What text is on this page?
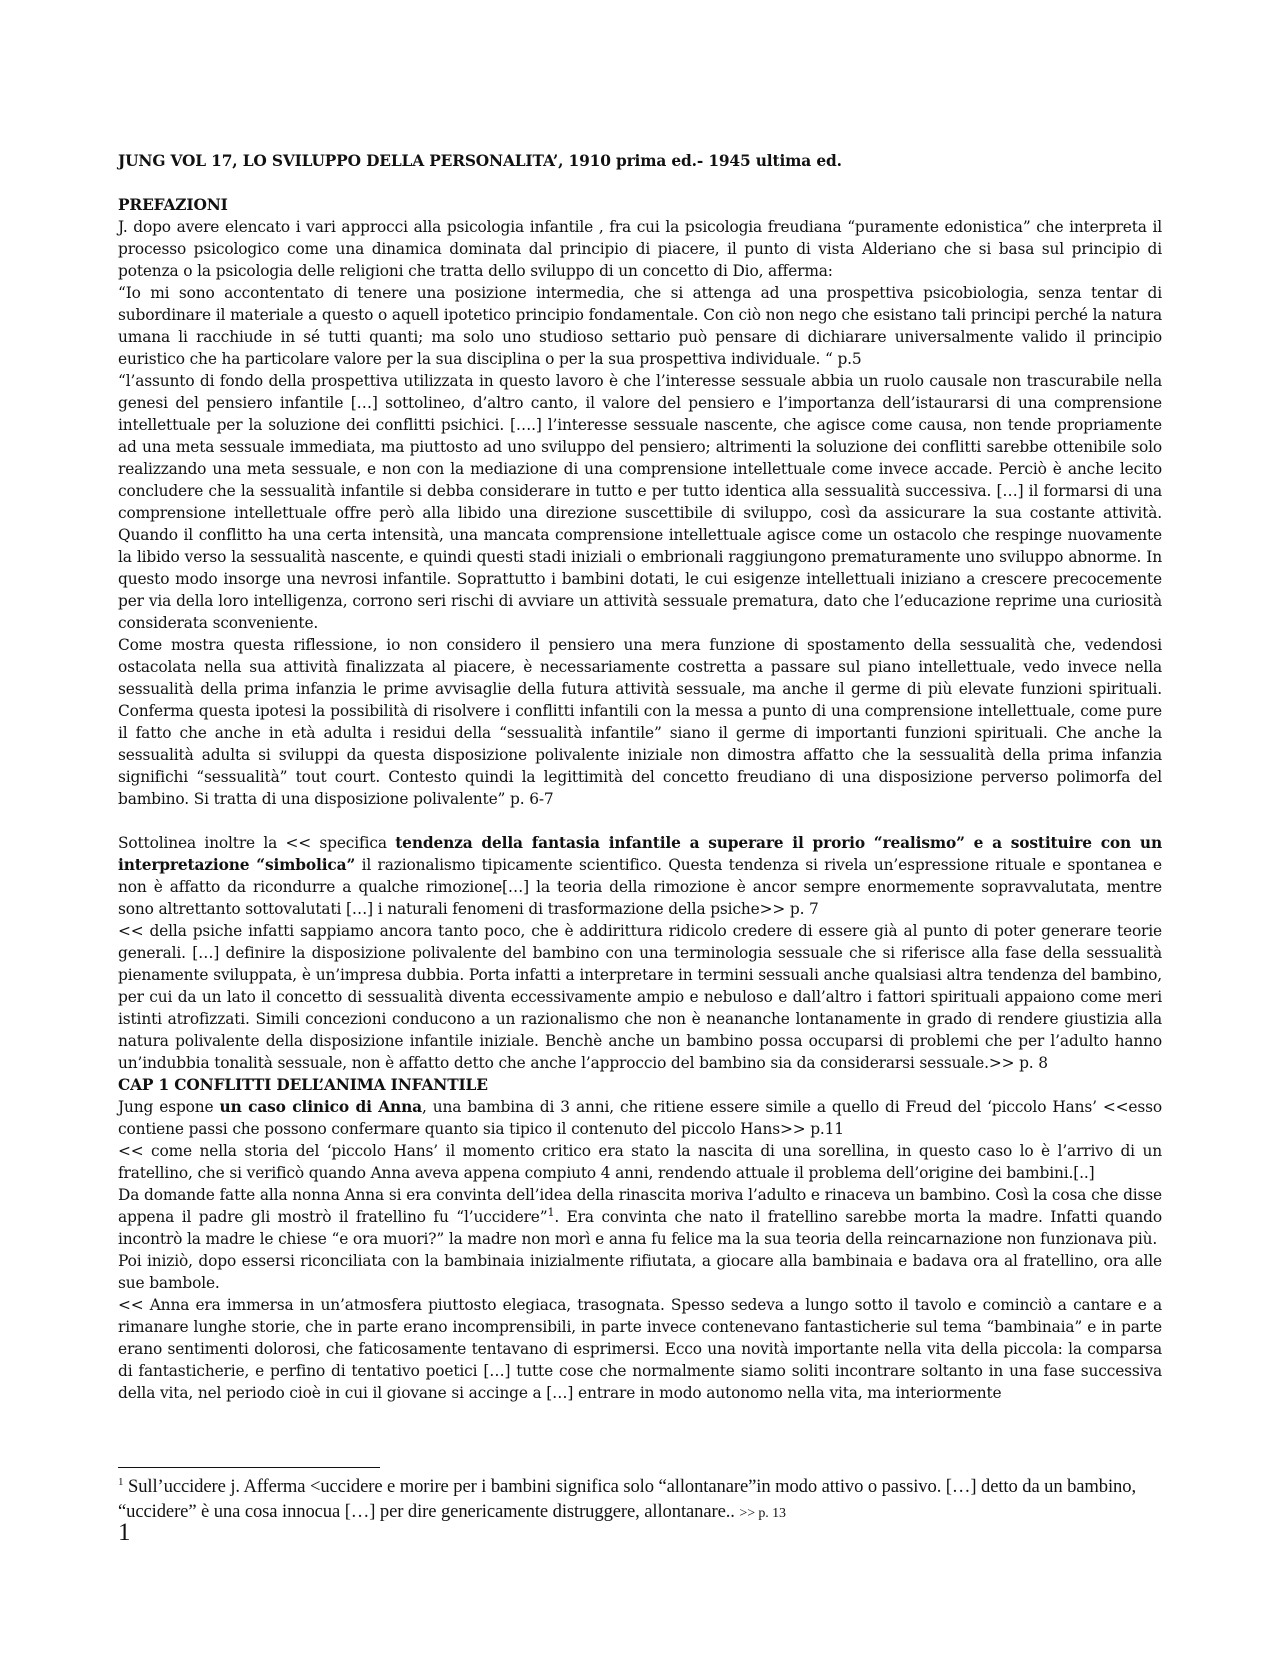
JUNG VOL 17, LO SVILUPPO DELLA PERSONALITA’, 1910 prima ed.- 1945 ultima ed.

PREFAZIONI

J. dopo avere elencato i vari approcci alla psicologia infantile , fra cui la psicologia freudiana “puramente edonistica” che interpreta il processo psicologico come una dinamica dominata dal principio di piacere, il punto di vista Alderiano che si basa sul principio di potenza o la psicologia delle religioni che tratta dello sviluppo di un concetto di Dio, afferma:

“Io mi sono accontentato di tenere una posizione intermedia, che si attenga ad una prospettiva psicobiologia, senza tentar di subordinare il materiale a questo o aquell ipotetico principio fondamentale. Con ciò non nego che esistano tali principi perché la natura umana li racchiude in sé tutti quanti; ma solo uno studioso settario può pensare di dichiarare universalmente valido il principio euristico che ha particolare valore per la sua disciplina o per la sua prospettiva individuale. “ p.5

“l’assunto di fondo della prospettiva utilizzata in questo lavoro è che l’interesse sessuale abbia un ruolo causale non trascurabile nella genesi del pensiero infantile […] sottolineo, d’altro canto, il valore del pensiero e l’importanza dell’istaurarsi di una comprensione intellettuale per la soluzione dei conflitti psichici. [….] l’interesse sessuale nascente, che agisce come causa, non tende propriamente ad una meta sessuale immediata, ma piuttosto ad uno sviluppo del pensiero; altrimenti la soluzione dei conflitti sarebbe ottenibile solo realizzando una meta sessuale, e non con la mediazione di una comprensione intellettuale come invece accade. Perciò è anche lecito concludere che la sessualità infantile si debba considerare in tutto e per tutto identica alla sessualità successiva. […] il formarsi di una comprensione intellettuale offre però alla libido una direzione suscettibile di sviluppo, così da assicurare la sua costante attività. Quando il conflitto ha una certa intensità, una mancata comprensione intellettuale agisce come un ostacolo che respinge nuovamente la libido verso la sessualità nascente, e quindi questi stadi iniziali o embrionali raggiungono prematuramente uno sviluppo abnorme. In questo modo insorge una nevrosi infantile. Soprattutto i bambini dotati, le cui esigenze intellettuali iniziano a crescere precocemente per via della loro intelligenza, corrono seri rischi di avviare un attività sessuale prematura, dato che l’educazione reprime una curiosità considerata sconveniente.

Come mostra questa riflessione, io non considero il pensiero una mera funzione di spostamento della sessualità che, vedendosi ostacolata nella sua attività finalizzata al piacere, è necessariamente costretta a passare sul piano intellettuale, vedo invece nella sessualità della prima infanzia le prime avvisaglie della futura attività sessuale, ma anche il germe di più elevate funzioni spirituali. Conferma questa ipotesi la possibilità di risolvere i conflitti infantili con la messa a punto di una comprensione intellettuale, come pure il fatto che anche in età adulta i residui della “sessualità infantile” siano il germe di importanti funzioni spirituali. Che anche la sessualità adulta si sviluppi da questa disposizione polivalente iniziale non dimostra affatto che la sessualità della prima infanzia significhi “sessualità” tout court. Contesto quindi la legittimità del concetto freudiano di una disposizione perverso polimorfa del bambino. Si tratta di una disposizione polivalente” p. 6-7

Sottolinea inoltre la << specifica tendenza della fantasia infantile a superare il prorio “realismo” e a sostituire con un interpretazione “simbolica” il razionalismo tipicamente scientifico. Questa tendenza si rivela un’espressione rituale e spontanea e non è affatto da ricondurre a qualche rimozione[…] la teoria della rimozione è ancor sempre enormemente sopravvalutata, mentre sono altrettanto sottovalutati […] i naturali fenomeni di trasformazione della psiche>> p. 7

<< della psiche infatti sappiamo ancora tanto poco, che è addirittura ridicolo credere di essere già al punto di poter generare teorie generali. […] definire la disposizione polivalente del bambino con una terminologia sessuale che si riferisce alla fase della sessualità pienamente sviluppata, è un’impresa dubbia. Porta infatti a interpretare in termini sessuali anche qualsiasi altra tendenza del bambino, per cui da un lato il concetto di sessualità diventa eccessivamente ampio e nebuloso e dall’altro i fattori spirituali appaiono come meri istinti atrofizzati. Simili concezioni conducono a un razionalismo che non è neananche lontanamente in grado di rendere giustizia alla natura polivalente della disposizione infantile iniziale. Benchè anche un bambino possa occuparsi di problemi che per l’adulto hanno un’indubbia tonalità sessuale, non è affatto detto che anche l’approccio del bambino sia da considerarsi sessuale.>> p. 8

CAP 1 CONFLITTI DELL’ANIMA INFANTILE

Jung espone un caso clinico di Anna, una bambina di 3 anni, che ritiene essere simile a quello di Freud del ‘piccolo Hans’ <<esso contiene passi che possono confermare quanto sia tipico il contenuto del piccolo Hans>> p.11

<< come nella storia del ‘piccolo Hans’ il momento critico era stato la nascita di una sorellina, in questo caso lo è l’arrivo di un fratellino, che si verificò quando Anna aveva appena compiuto 4 anni, rendendo attuale il problema dell’origine dei bambini.[..]

Da domande fatte alla nonna Anna si era convinta dell’idea della rinascita moriva l’adulto e rinaceva un bambino. Così la cosa che disse appena il padre gli mostrò il fratellino fu “l’uccidere”$^1$. Era convinta che nato il fratellino sarebbe morta la madre. Infatti quando incontrò la madre le chiese “e ora muori?” la madre non morì e anna fu felice ma la sua teoria della reincarnazione non funzionava più.

Poi iniziò, dopo essersi riconciliata con la bambinaia inizialmente rifiutata, a giocare alla bambinaia e badava ora al fratellino, ora alle sue bambole.

<< Anna era immersa in un’atmosfera piuttosto elegiaca, trasognata. Spesso sedeva a lungo sotto il tavolo e cominciò a cantare e a rimanare lunghe storie, che in parte erano incomprensibili, in parte invece contenevano fantasticherie sul tema “bambinaia” e in parte erano sentimenti dolorosi, che faticosamente tentavano di esprimersi. Ecco una novità importante nella vita della piccola: la comparsa di fantasticherie, e perfino di tentativo poetici […] tutte cose che normalmente siamo soliti incontrare soltanto in una fase successiva della vita, nel periodo cioè in cui il giovane si accinge a […] entrare in modo autonomo nella vita, ma interiormente

$^1$ Sull’uccidere j. Afferma <uccidere e morire per i bambini significa solo “allontanare”in modo attivo o passivo. […] detto da un bambino, “uccidere” è una cosa innocua […] per dire genericamente distruggere, allontanare.. >> p. 13
1
